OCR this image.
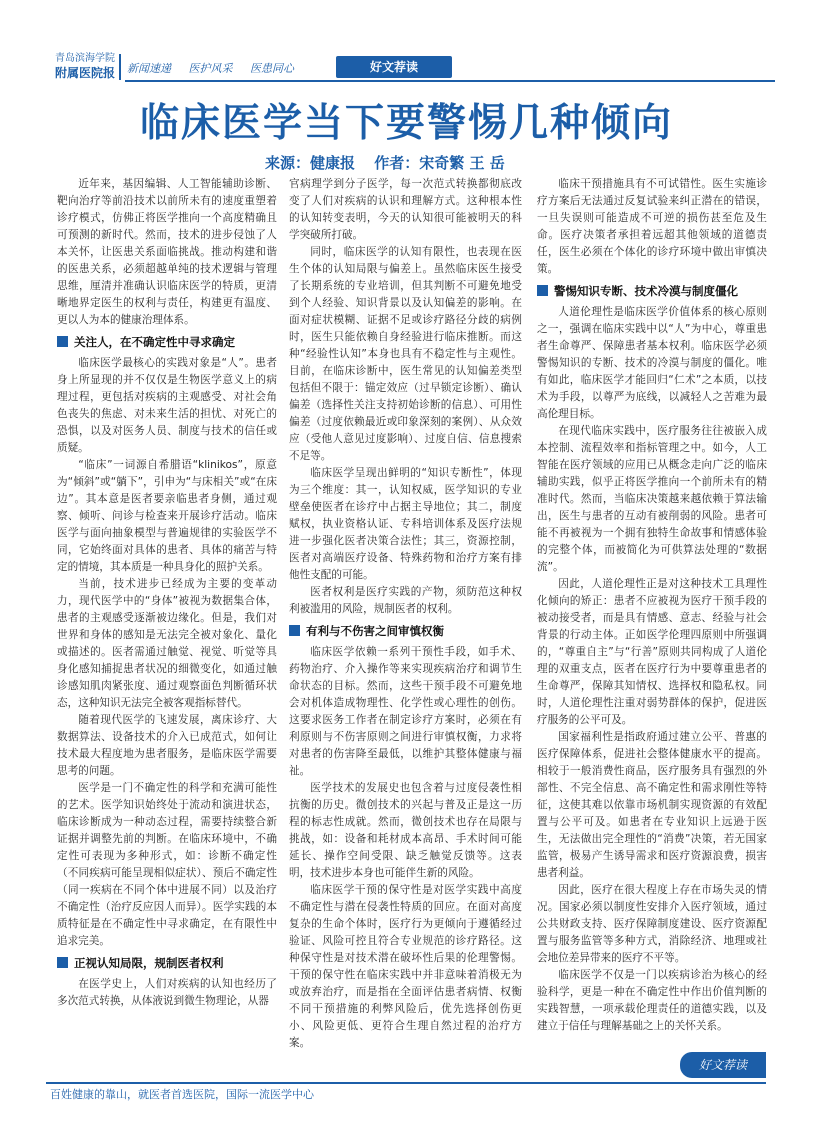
青岛滨海学院
附属医院报 新闻速递 医护风采 医患同心	好文荐读
临床医学当下要警惕几种倾向
来源：健康报 作者：宋奇繁 王 岳

近年来，基因编辑、人工智能辅助诊断、靶向治疗等前沿技术以前所未有的速度重塑着诊疗模式，仿佛正将医学推向一个高度精确且可预测的新时代。然而，技术的进步侵蚀了人本关怀，让医患关系面临挑战。推动构建和谐的医患关系，必须超越单纯的技术逻辑与管理思维，厘清并准确认识临床医学的特质，更清晰地界定医生的权利与责任，构建更有温度、更以人为本的健康治理体系。

关注人，在不确定性中寻求确定

临床医学最核心的实践对象是“人”。患者身上所显现的并不仅仅是生物医学意义上的病理过程，更包括对疾病的主观感受、对社会角色丧失的焦虑、对未来生活的担忧、对死亡的恐惧，以及对医务人员、制度与技术的信任或质疑。

“临床”一词源自希腊语“klinikos”，原意为“倾斜”或“躺下”，引申为“与床相关”或“在床边”。其本意是医者要亲临患者身侧，通过观察、倾听、问诊与检查来开展诊疗活动。临床医学与面向抽象模型与普遍规律的实验医学不同，它始终面对具体的患者、具体的痛苦与特定的情境，其本质是一种具身化的照护关系。

当前，技术进步已经成为主要的变革动力，现代医学中的“身体”被视为数据集合体，患者的主观感受逐渐被边缘化。但是，我们对世界和身体的感知是无法完全被对象化、量化或描述的。医者需通过触觉、视觉、听觉等具身化感知捕捉患者状况的细微变化，如通过触诊感知肌肉紧张度、通过观察面色判断循环状态，这种知识无法完全被客观指标替代。

随着现代医学的飞速发展，离床诊疗、大数据算法、设备技术的介入已成范式，如何让技术最大程度地为患者服务，是临床医学需要思考的问题。

医学是一门不确定性的科学和充满可能性的艺术。医学知识始终处于流动和演进状态，临床诊断成为一种动态过程，需要持续整合新证据并调整先前的判断。在临床环境中，不确定性可表现为多种形式，如：诊断不确定性（不同疾病可能呈现相似症状）、预后不确定性（同一疾病在不同个体中进展不同）以及治疗不确定性（治疗反应因人而异）。医学实践的本质特征是在不确定性中寻求确定，在有限性中追求完美。

正视认知局限，规制医者权利

在医学史上，人们对疾病的认知也经历了多次范式转换，从体液说到微生物理论，从器

官病理学到分子医学，每一次范式转换都彻底改变了人们对疾病的认识和理解方式。这种根本性的认知转变表明，今天的认知很可能被明天的科学突破所打破。

同时，临床医学的认知有限性，也表现在医生个体的认知局限与偏差上。虽然临床医生接受了长期系统的专业培训，但其判断不可避免地受到个人经验、知识背景以及认知偏差的影响。在面对症状模糊、证据不足或诊疗路径分歧的病例时，医生只能依赖自身经验进行临床推断。而这种“经验性认知”本身也具有不稳定性与主观性。目前，在临床诊断中，医生常见的认知偏差类型包括但不限于：锚定效应（过早锁定诊断）、确认偏差（选择性关注支持初始诊断的信息）、可用性偏差（过度依赖最近或印象深刻的案例）、从众效应（受他人意见过度影响）、过度自信、信息搜索不足等。

临床医学呈现出鲜明的“知识专断性”，体现为三个维度：其一，认知权威，医学知识的专业壁垒使医者在诊疗中占据主导地位；其二，制度赋权，执业资格认证、专科培训体系及医疗法规进一步强化医者决策合法性；其三，资源控制，医者对高端医疗设备、特殊药物和治疗方案有排他性支配的可能。

医者权利是医疗实践的产物，须防范这种权利被滥用的风险，规制医者的权利。

有利与不伤害之间审慎权衡

临床医学依赖一系列干预性手段，如手术、药物治疗、介入操作等来实现疾病治疗和调节生命状态的目标。然而，这些干预手段不可避免地会对机体造成物理性、化学性或心理性的创伤。这要求医务工作者在制定诊疗方案时，必须在有利原则与不伤害原则之间进行审慎权衡，力求将对患者的伤害降至最低，以维护其整体健康与福祉。

医学技术的发展史也包含着与过度侵袭性相抗衡的历史。微创技术的兴起与普及正是这一历程的标志性成就。然而，微创技术也存在局限与挑战，如：设备和耗材成本高昂、手术时间可能延长、操作空间受限、缺乏触觉反馈等。这表明，技术进步本身也可能伴生新的风险。

临床医学干预的保守性是对医学实践中高度不确定性与潜在侵袭性特质的回应。在面对高度复杂的生命个体时，医疗行为更倾向于遵循经过验证、风险可控且符合专业规范的诊疗路径。这种保守性是对技术潜在破坏性后果的伦理警惕。干预的保守性在临床实践中并非意味着消极无为或放弃治疗，而是指在全面评估患者病情、权衡不同干预措施的利弊风险后，优先选择创伤更小、风险更低、更符合生理自然过程的治疗方案。

临床干预措施具有不可试错性。医生实施诊疗方案后无法通过反复试验来纠正潜在的错误，一旦失误则可能造成不可逆的损伤甚至危及生命。医疗决策者承担着远超其他领域的道德责任，医生必须在个体化的诊疗环境中做出审慎决策。

警惕知识专断、技术冷漠与制度僵化

人道伦理性是临床医学价值体系的核心原则之一，强调在临床实践中以“人”为中心，尊重患者生命尊严、保障患者基本权利。临床医学必须警惕知识的专断、技术的冷漠与制度的僵化。唯有如此，临床医学才能回归“仁术”之本质，以技术为手段，以尊严为底线，以减轻人之苦难为最高伦理目标。

在现代临床实践中，医疗服务往往被嵌入成本控制、流程效率和指标管理之中。如今，人工智能在医疗领域的应用已从概念走向广泛的临床辅助实践，似乎正将医学推向一个前所未有的精准时代。然而，当临床决策越来越依赖于算法输出，医生与患者的互动有被削弱的风险。患者可能不再被视为一个拥有独特生命故事和情感体验的完整个体，而被简化为可供算法处理的“数据流”。

因此，人道伦理性正是对这种技术工具理性化倾向的矫正：患者不应被视为医疗干预手段的被动接受者，而是具有情感、意志、经验与社会背景的行动主体。正如医学伦理四原则中所强调的，“尊重自主”与“行善”原则共同构成了人道伦理的双重支点，医者在医疗行为中要尊重患者的生命尊严，保障其知情权、选择权和隐私权。同时，人道伦理性注重对弱势群体的保护，促进医疗服务的公平可及。

国家福利性是指政府通过建立公平、普惠的医疗保障体系，促进社会整体健康水平的提高。相较于一般消费性商品，医疗服务具有强烈的外部性、不完全信息、高不确定性和需求刚性等特征，这使其难以依靠市场机制实现资源的有效配置与公平可及。如患者在专业知识上远逊于医生，无法做出完全理性的“消费”决策，若无国家监管，极易产生诱导需求和医疗资源浪费，损害患者利益。

因此，医疗在很大程度上存在市场失灵的情况。国家必须以制度性安排介入医疗领域，通过公共财政支持、医疗保障制度建设、医疗资源配置与服务监管等多种方式，消除经济、地理或社会地位差异带来的医疗不平等。

临床医学不仅是一门以疾病诊治为核心的经验科学，更是一种在不确定性中作出价值判断的实践智慧，一项承载伦理责任的道德实践，以及建立于信任与理解基础之上的关怀关系。

好文荐读
百姓健康的靠山，就医者首选医院，国际一流医学中心
